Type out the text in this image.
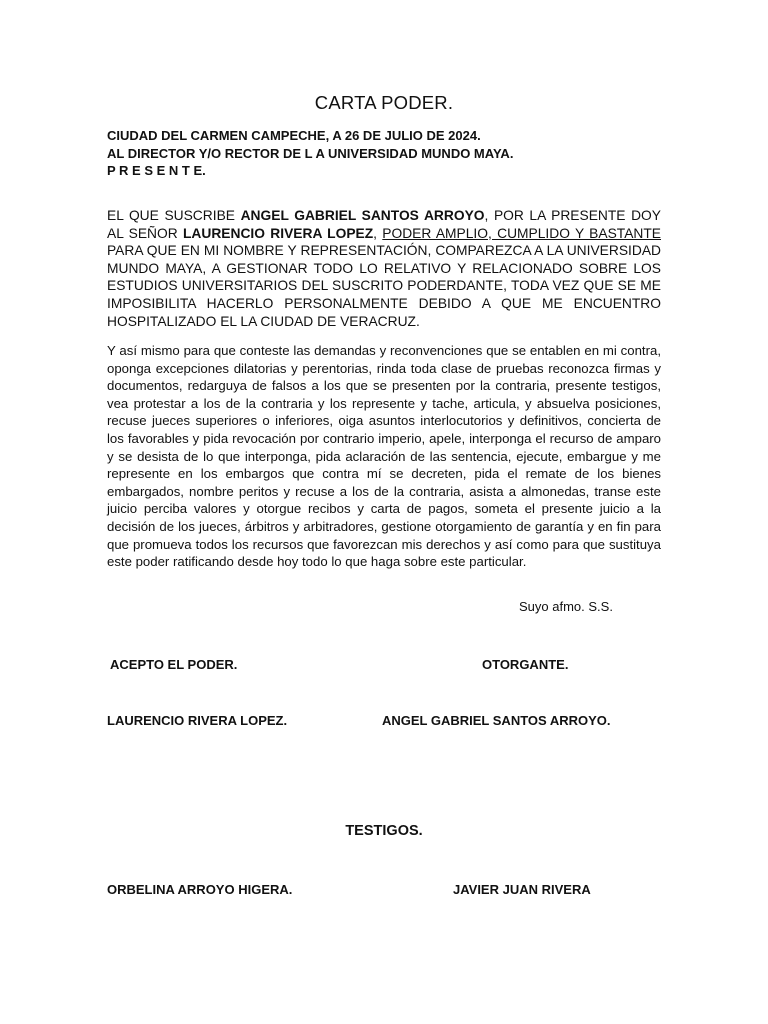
CARTA PODER.
CIUDAD DEL CARMEN CAMPECHE, A 26 DE JULIO DE 2024.
AL DIRECTOR Y/O RECTOR DE L A UNIVERSIDAD MUNDO MAYA.
P R E S E N T E.
EL QUE SUSCRIBE ANGEL GABRIEL SANTOS ARROYO, POR LA PRESENTE DOY AL SEÑOR LAURENCIO RIVERA LOPEZ, PODER AMPLIO, CUMPLIDO Y BASTANTE PARA QUE EN MI NOMBRE Y REPRESENTACIÓN, COMPAREZCA A LA UNIVERSIDAD MUNDO MAYA, A GESTIONAR TODO LO RELATIVO Y RELACIONADO SOBRE LOS ESTUDIOS UNIVERSITARIOS DEL SUSCRITO PODERDANTE, TODA VEZ QUE SE ME IMPOSIBILITA HACERLO PERSONALMENTE DEBIDO A QUE ME ENCUENTRO HOSPITALIZADO EL LA CIUDAD DE VERACRUZ.
Y así mismo para que conteste las demandas y reconvenciones que se entablen en mi contra, oponga excepciones dilatorias y perentorias, rinda toda clase de pruebas reconozca firmas y documentos, redarguya de falsos a los que se presenten por la contraria, presente testigos, vea protestar a los de la contraria y los represente y tache, articula, y absuelva posiciones, recuse jueces superiores o inferiores, oiga asuntos interlocutorios y definitivos, concierta de los favorables y pida revocación por contrario imperio, apele, interponga el recurso de amparo y se desista de lo que interponga, pida aclaración de las sentencia, ejecute, embargue y me represente en los embargos que contra mí se decreten, pida el remate de los bienes embargados, nombre peritos y recuse a los de la contraria, asista a almonedas, transe este juicio perciba valores y otorgue recibos y carta de pagos, someta el presente juicio a la decisión de los jueces, árbitros y arbitradores, gestione otorgamiento de garantía y en fin para que promueva todos los recursos que favorezcan mis derechos y así como para que sustituya este poder ratificando desde hoy todo lo que haga sobre este particular.
Suyo afmo. S.S.
ACEPTO EL PODER.	OTORGANTE.
LAURENCIO RIVERA LOPEZ.	ANGEL GABRIEL SANTOS ARROYO.
TESTIGOS.
ORBELINA ARROYO HIGERA.	JAVIER JUAN RIVERA
